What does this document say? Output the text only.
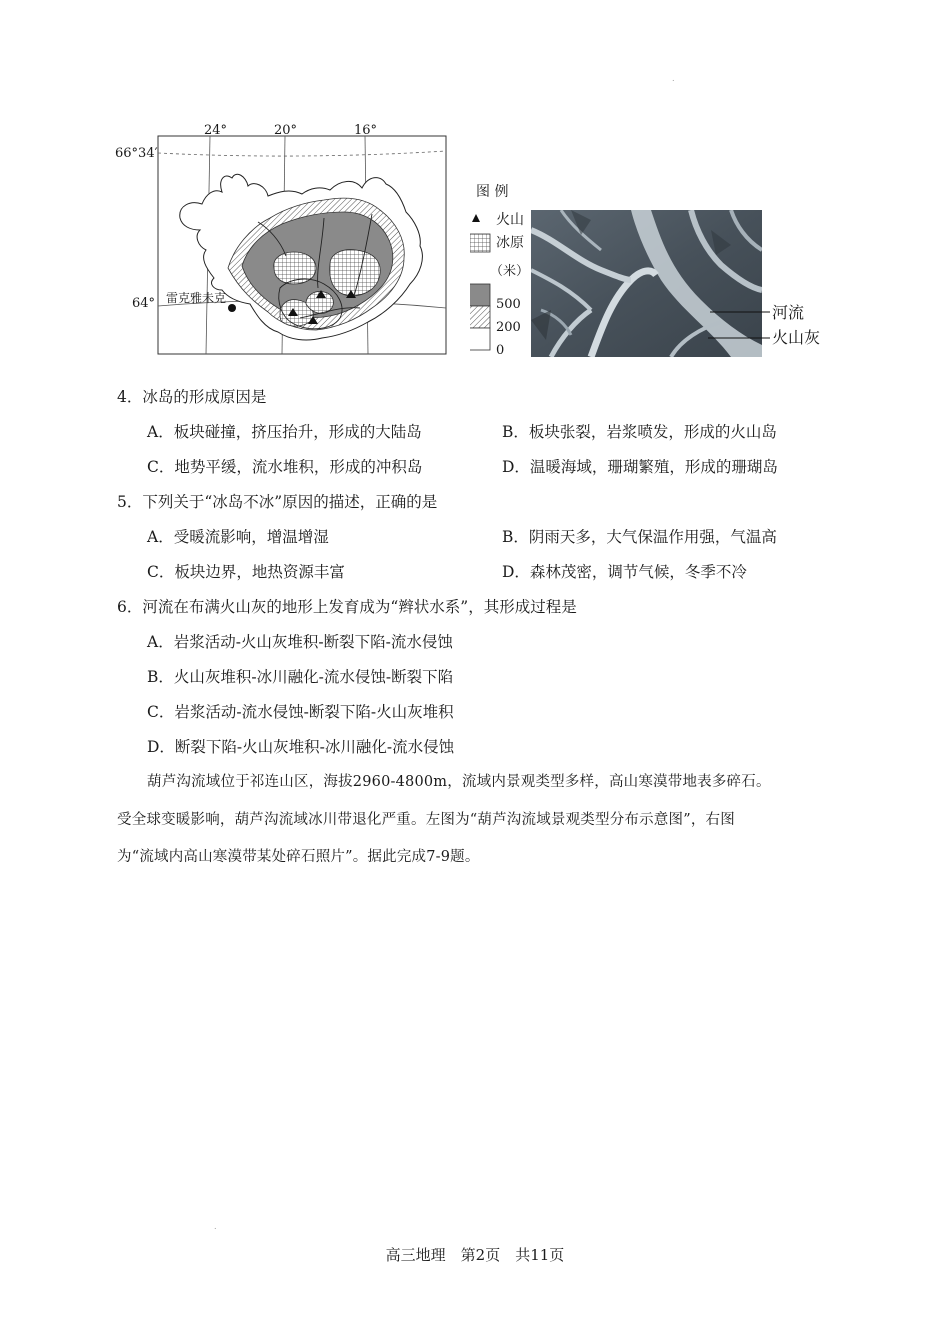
.
.
24°	20°	16°
66°34′
64° 雷克雅未克
图 例
火山
冰原
（米）
500
200
0
河流
火山灰
4．冰岛的形成原因是
A．板块碰撞，挤压抬升，形成的大陆岛	B．板块张裂，岩浆喷发，形成的火山岛
C．地势平缓，流水堆积，形成的冲积岛	D．温暖海域，珊瑚繁殖，形成的珊瑚岛
5．下列关于“冰岛不冰”原因的描述，正确的是
A．受暖流影响，增温增湿	B．阴雨天多，大气保温作用强，气温高
C．板块边界，地热资源丰富	D．森林茂密，调节气候，冬季不冷
6．河流在布满火山灰的地形上发育成为“辫状水系”，其形成过程是
A．岩浆活动-火山灰堆积-断裂下陷-流水侵蚀
B．火山灰堆积-冰川融化-流水侵蚀-断裂下陷
C．岩浆活动-流水侵蚀-断裂下陷-火山灰堆积
D．断裂下陷-火山灰堆积-冰川融化-流水侵蚀
葫芦沟流域位于祁连山区，海拔2960-4800m，流域内景观类型多样，高山寒漠带地表多碎石。
受全球变暖影响，葫芦沟流域冰川带退化严重。左图为“葫芦沟流域景观类型分布示意图”，右图
为“流域内高山寒漠带某处碎石照片”。据此完成7-9题。
高三地理　第2页　共11页
